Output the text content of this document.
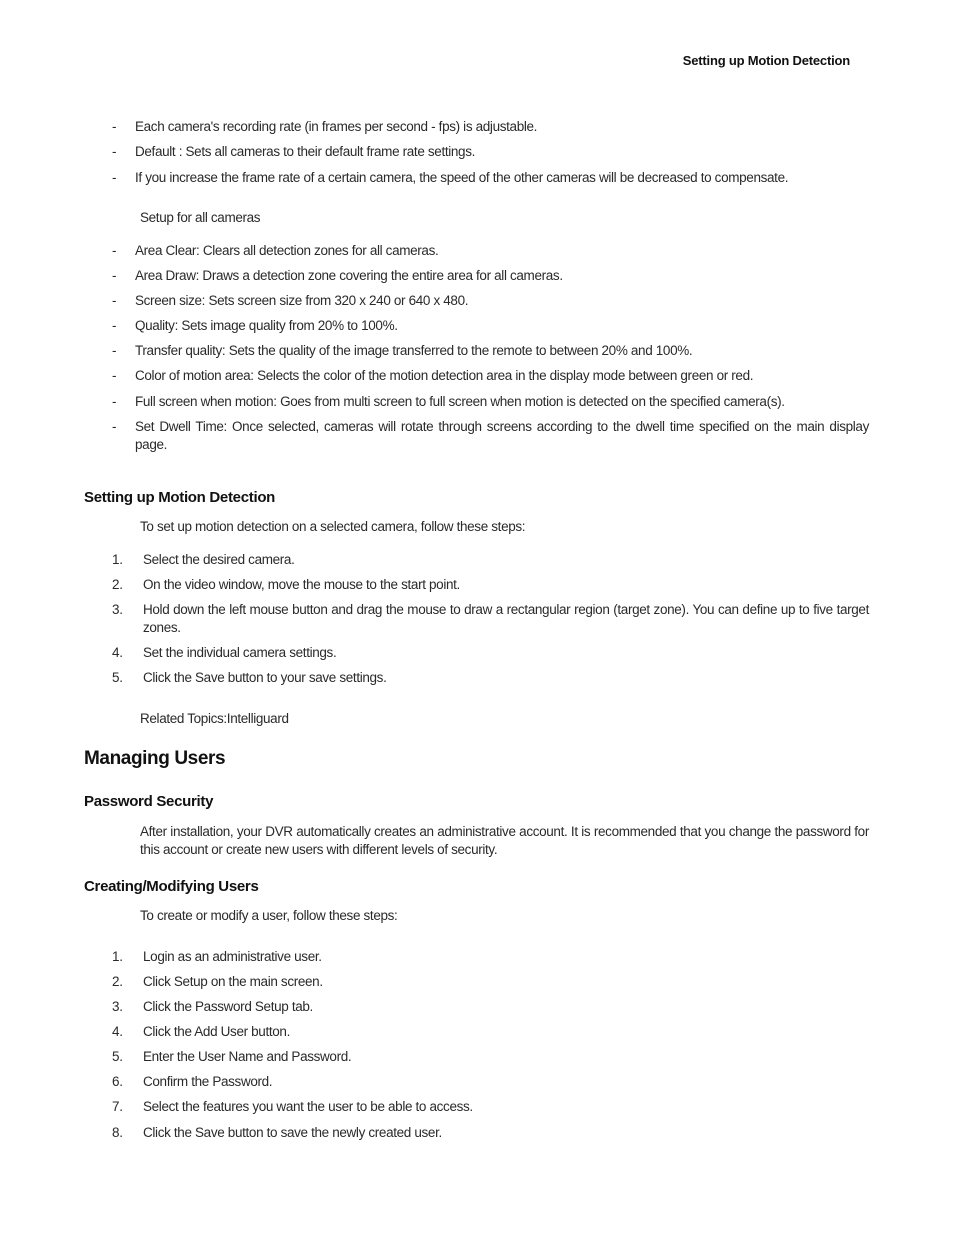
Setting up Motion Detection
- Each camera's recording rate (in frames per second - fps) is adjustable.
- Default : Sets all cameras to their default frame rate settings.
- If you increase the frame rate of a certain camera, the speed of the other cameras will be decreased to compensate.
Setup for all cameras
- Area Clear: Clears all detection zones for all cameras.
- Area Draw: Draws a detection zone covering the entire area for all cameras.
- Screen size: Sets screen size from 320 x 240 or 640 x 480.
- Quality: Sets image quality from 20% to 100%.
- Transfer quality: Sets the quality of the image transferred to the remote to between 20% and 100%.
- Color of motion area: Selects the color of the motion detection area in the display mode between green or red.
- Full screen when motion: Goes from multi screen to full screen when motion is detected on the specified camera(s).
- Set Dwell Time: Once selected, cameras will rotate through screens according to the dwell time specified on the main display page.
Setting up Motion Detection
To set up motion detection on a selected camera, follow these steps:
1. Select the desired camera.
2. On the video window, move the mouse to the start point.
3. Hold down the left mouse button and drag the mouse to draw a rectangular region (target zone). You can define up to five target zones.
4. Set the individual camera settings.
5. Click the Save button to your save settings.
Related Topics:Intelliguard
Managing Users
Password Security
After installation, your DVR automatically creates an administrative account. It is recommended that you change the password for this account or create new users with different levels of security.
Creating/Modifying Users
To create or modify a user, follow these steps:
1. Login as an administrative user.
2. Click Setup on the main screen.
3. Click the Password Setup tab.
4. Click the Add User button.
5. Enter the User Name and Password.
6. Confirm the Password.
7. Select the features you want the user to be able to access.
8. Click the Save button to save the newly created user.
